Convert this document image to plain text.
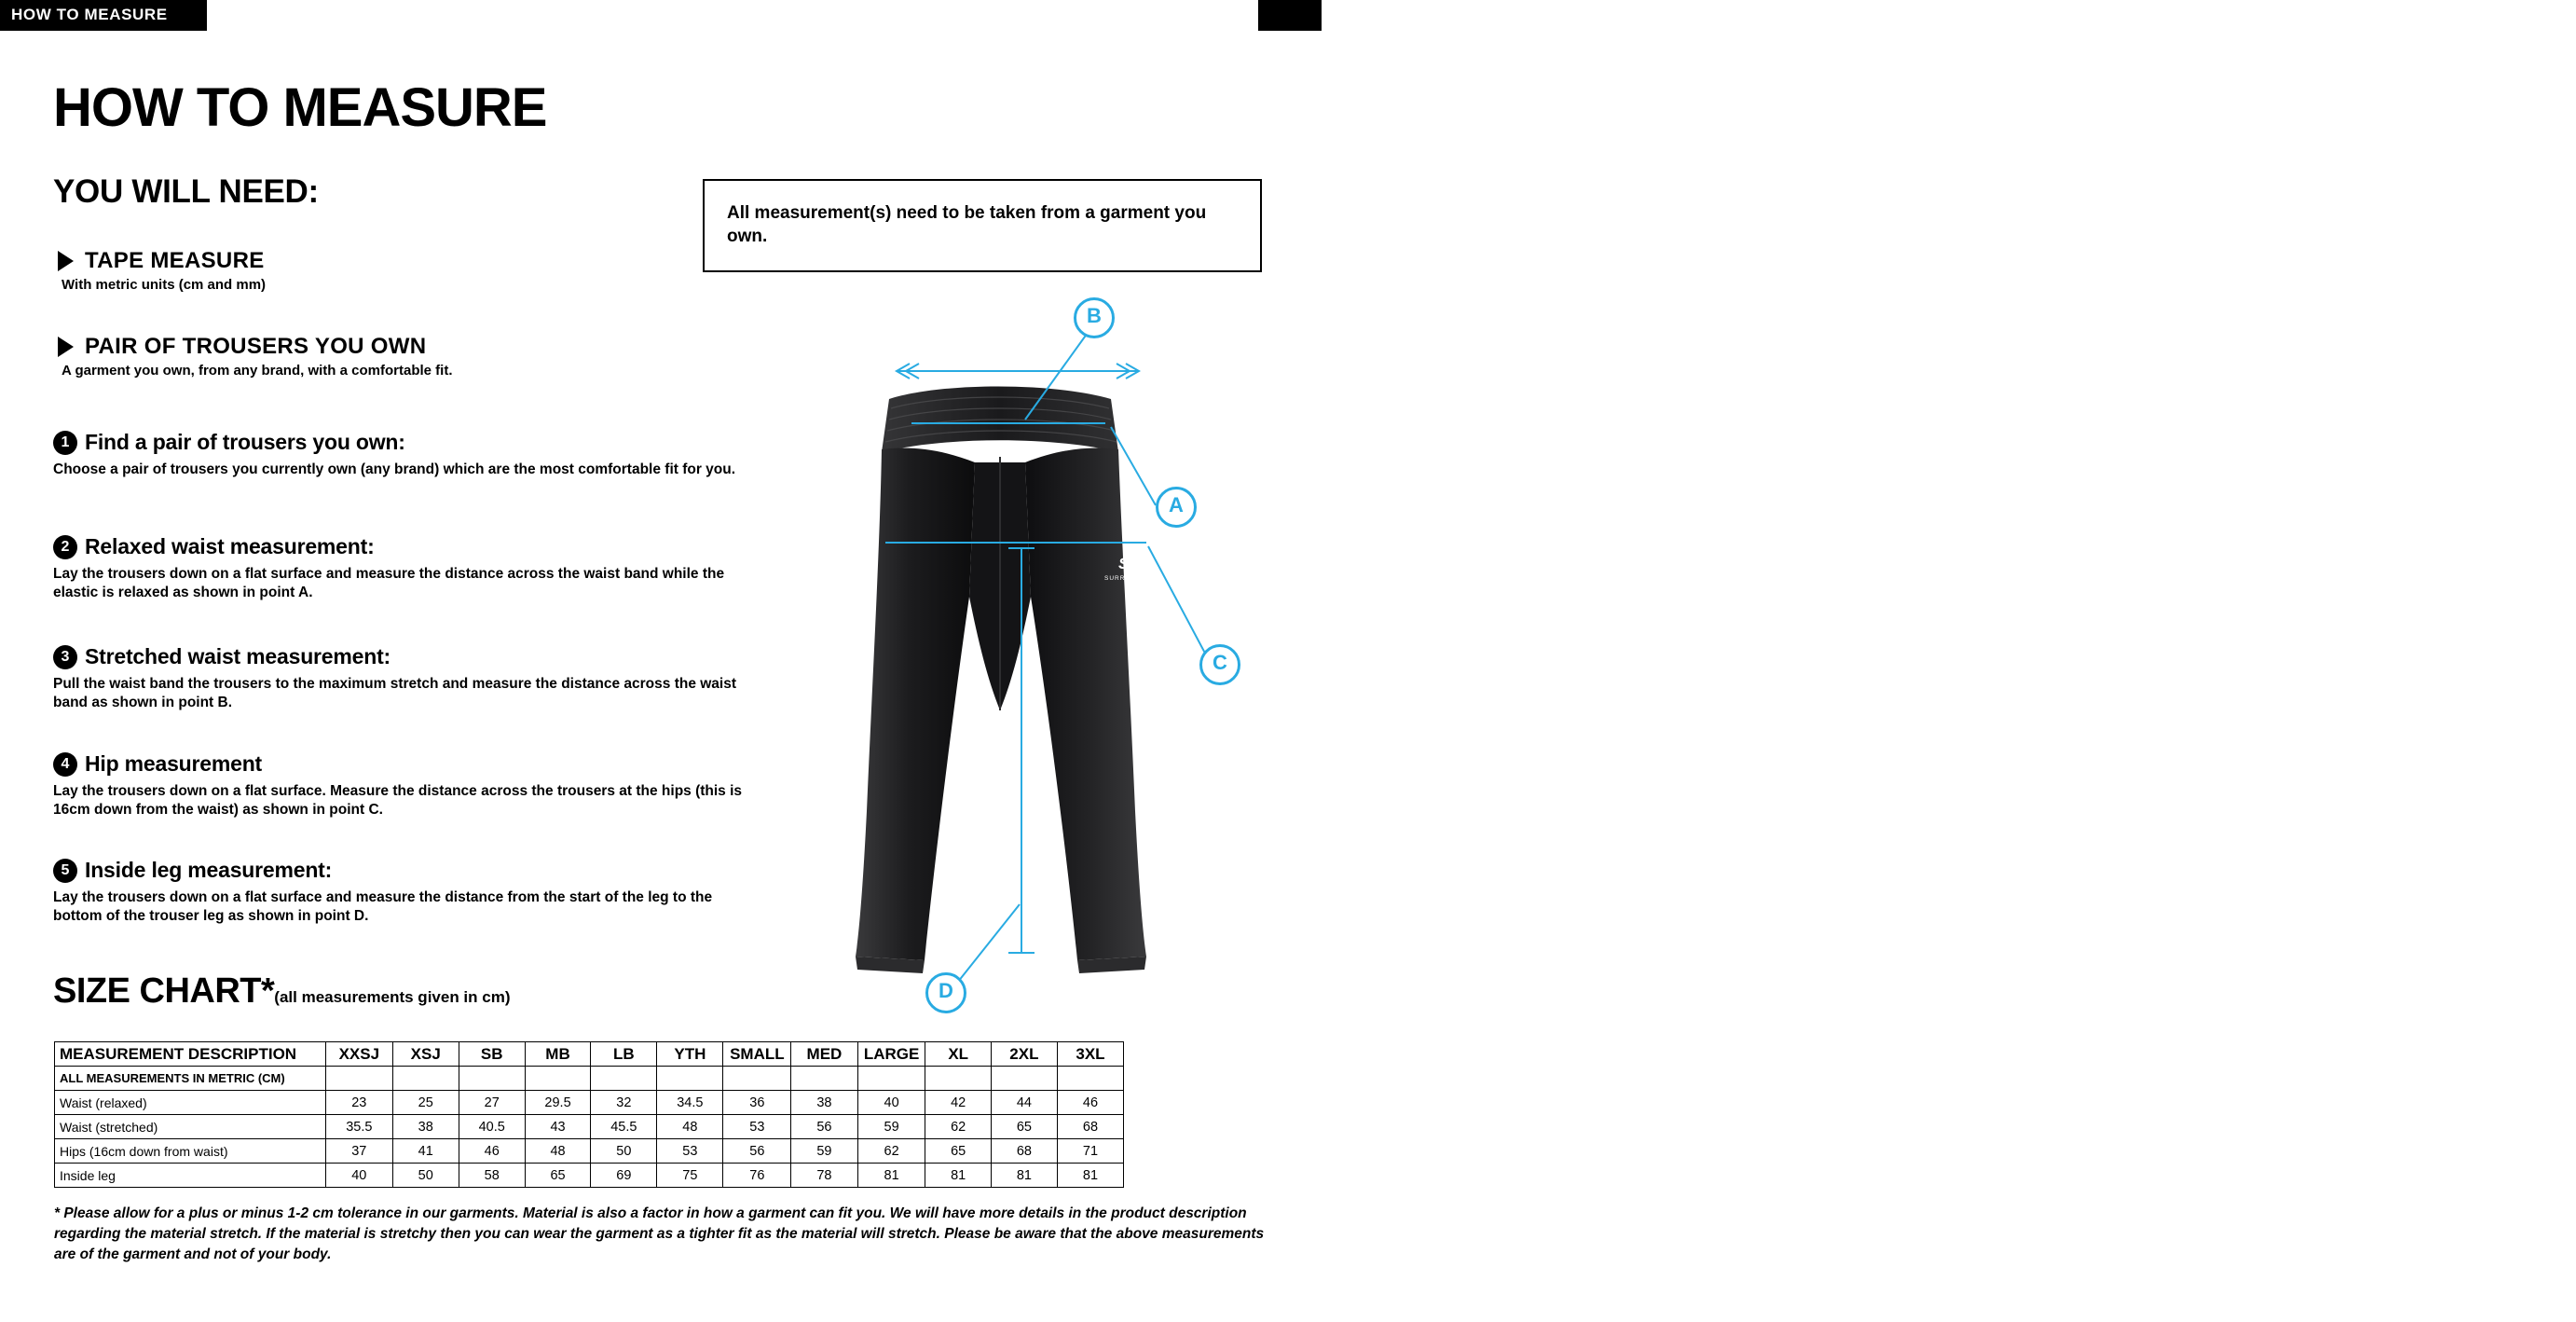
HOW TO MEASURE	S
SURRIDGE
HOW TO MEASURE
YOU WILL NEED:

All measurement(s) need to be taken from a garment you own.

TAPE MEASURE
With metric units (cm and mm)
PAIR OF TROUSERS YOU OWN
A garment you own, from any brand, with a comfortable fit.
1 Find a pair of trousers you own:
Choose a pair of trousers you currently own (any brand) which are the most comfortable fit for you.
2 Relaxed waist measurement:
Lay the trousers down on a flat surface and measure the distance across the waist band while the elastic is relaxed as shown in point A.
3 Stretched waist measurement:
Pull the waist band the trousers to the maximum stretch and measure the distance across the waist band as shown in point B.
4 Hip measurement
Lay the trousers down on a flat surface. Measure the distance across the trousers at the hips (this is 16cm down from the waist) as shown in point C.
5 Inside leg measurement:
Lay the trousers down on a flat surface and measure the distance from the start of the leg to the bottom of the trouser leg as shown in point D.
S
SURRIDGE
B
A
C
D
SIZE CHART*(all measurements given in cm)
MEASUREMENT DESCRIPTION	XXSJ	XSJ	SB	MB	LB	YTH	SMALL	MED	LARGE	XL	2XL	3XL
ALL MEASUREMENTS IN METRIC (CM)												
Waist (relaxed)	23	25	27	29.5	32	34.5	36	38	40	42	44	46
Waist (stretched)	35.5	38	40.5	43	45.5	48	53	56	59	62	65	68
Hips (16cm down from waist)	37	41	46	48	50	53	56	59	62	65	68	71
Inside leg	40	50	58	65	69	75	76	78	81	81	81	81
* Please allow for a plus or minus 1-2 cm tolerance in our garments. Material is also a factor in how a garment can fit you. We will have more details in the product description regarding the material stretch. If the material is stretchy then you can wear the garment as a tighter fit as the material will stretch. Please be aware that the above measurements are of the garment and not of your body.
